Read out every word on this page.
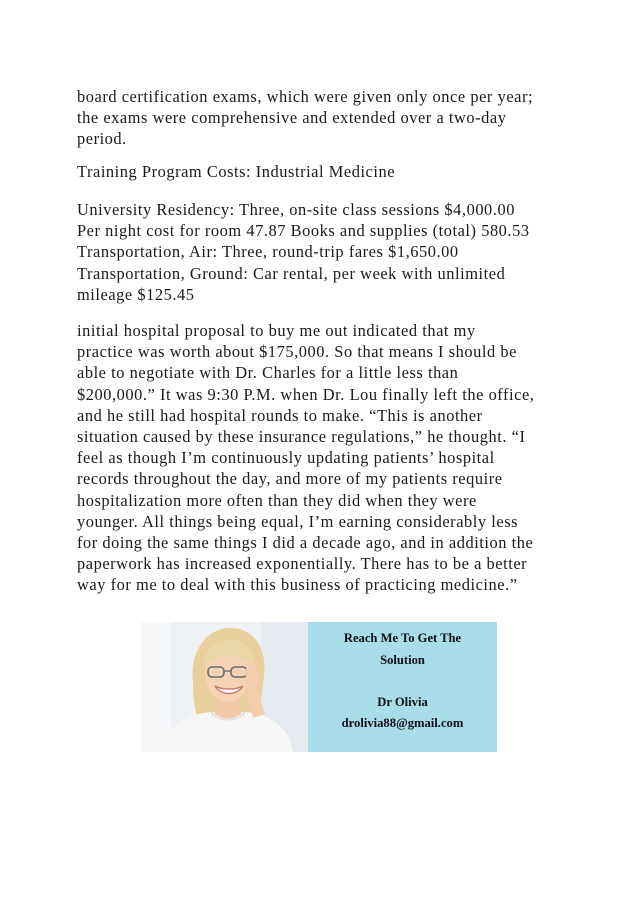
board certification exams, which were given only once per year;
the exams were comprehensive and extended over a two-day
period.
Training Program Costs: Industrial Medicine
University Residency: Three, on-site class sessions $4,000.00
Per night cost for room 47.87 Books and supplies (total) 580.53
Transportation, Air: Three, round-trip fares $1,650.00
Transportation, Ground: Car rental, per week with unlimited
mileage $125.45
initial hospital proposal to buy me out indicated that my
practice was worth about $175,000. So that means I should be
able to negotiate with Dr. Charles for a little less than
$200,000.” It was 9:30 P.M. when Dr. Lou finally left the office,
and he still had hospital rounds to make. “This is another
situation caused by these insurance regulations,” he thought. “I
feel as though I’m continuously updating patients’ hospital
records throughout the day, and more of my patients require
hospitalization more often than they did when they were
younger. All things being equal, I’m earning considerably less
for doing the same things I did a decade ago, and in addition the
paperwork has increased exponentially. There has to be a better
way for me to deal with this business of practicing medicine.”
Reach Me To Get The
Solution
Dr Olivia
drolivia88@gmail.com
